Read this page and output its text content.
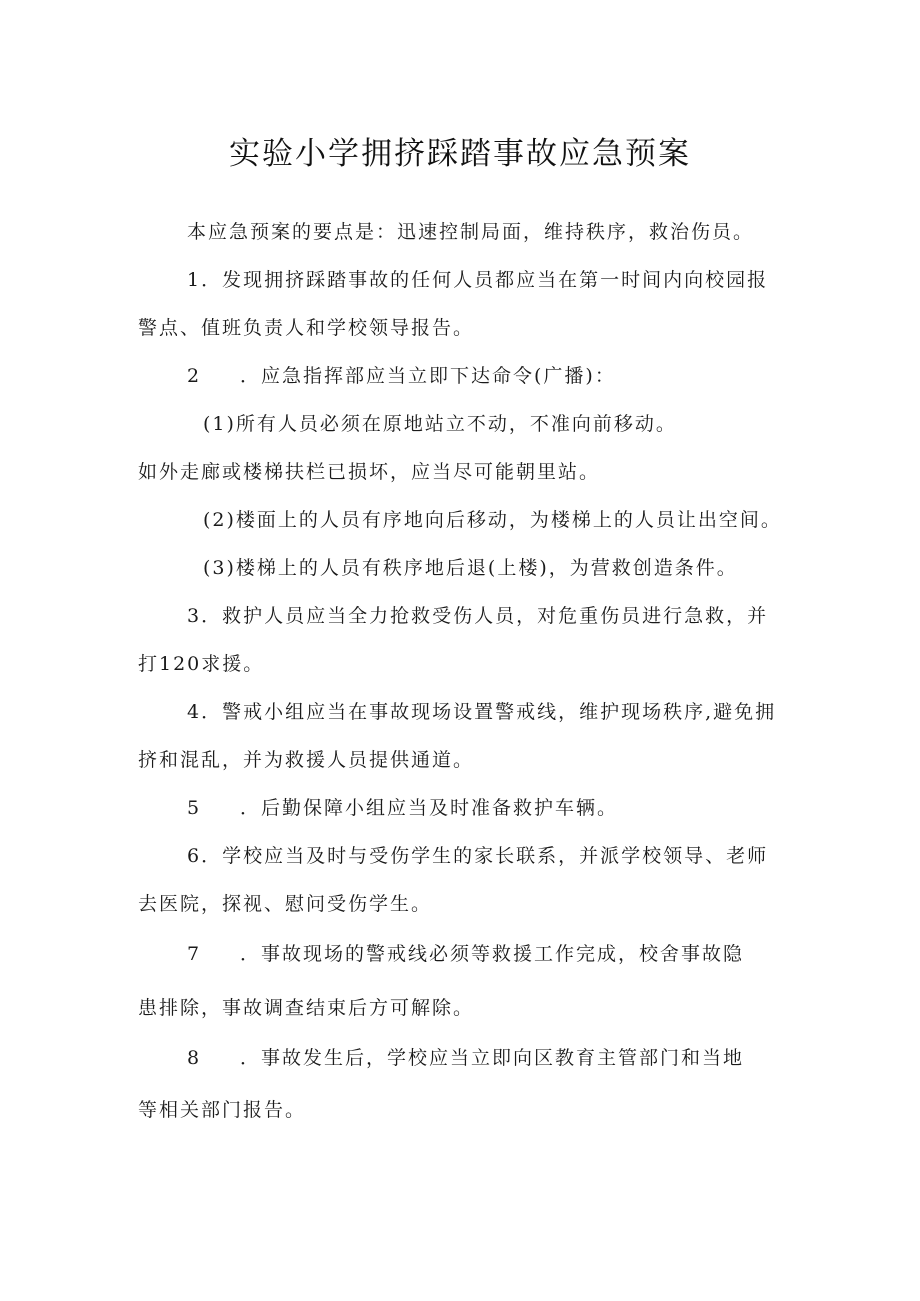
实验小学拥挤踩踏事故应急预案
本应急预案的要点是：迅速控制局面，维持秩序，救治伤员。
1．发现拥挤踩踏事故的任何人员都应当在第一时间内向校园报
警点、值班负责人和学校领导报告。
2 ．应急指挥部应当立即下达命令(广播)：
(1)所有人员必须在原地站立不动，不准向前移动。
如外走廊或楼梯扶栏已损坏，应当尽可能朝里站。
(2)楼面上的人员有序地向后移动，为楼梯上的人员让出空间。
(3)楼梯上的人员有秩序地后退(上楼)，为营救创造条件。
3．救护人员应当全力抢救受伤人员，对危重伤员进行急救，并
打120求援。
4．警戒小组应当在事故现场设置警戒线，维护现场秩序,避免拥
挤和混乱，并为救援人员提供通道。
5 ．后勤保障小组应当及时准备救护车辆。
6．学校应当及时与受伤学生的家长联系，并派学校领导、老师
去医院，探视、慰问受伤学生。
7 ．事故现场的警戒线必须等救援工作完成，校舍事故隐
患排除，事故调查结束后方可解除。
8 ．事故发生后，学校应当立即向区教育主管部门和当地
等相关部门报告。
